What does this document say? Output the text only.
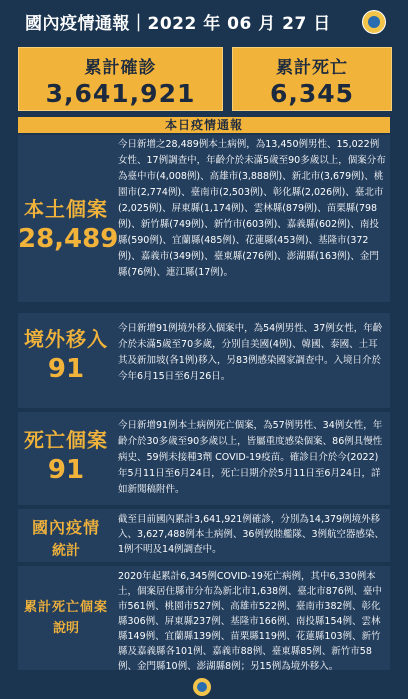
國內疫情通報｜2022 年 06 月 27 日
累計確診
3,641,921
累計死亡
6,345
本日疫情通報
本土個案
28,489
今日新增之28,489例本土病例，為13,450例男性、15,022例女性、17例調查中，年齡介於未滿5歲至90多歲以上，個案分布為臺中市(4,008例)、高雄市(3,888例)、新北市(3,679例)、桃園市(2,774例)、臺南市(2,503例)、彰化縣(2,026例)、臺北市(2,025例)、屏東縣(1,174例)、雲林縣(879例)、苗栗縣(798例)、新竹縣(749例)、新竹市(603例)、嘉義縣(602例)、南投縣(590例)、宜蘭縣(485例)、花蓮縣(453例)、基隆市(372例)、嘉義市(349例)、臺東縣(276例)、澎湖縣(163例)、金門縣(76例)、連江縣(17例)。
境外移入
91
今日新增91例境外移入個案中，為54例男性、37例女性，年齡介於未滿5歲至70多歲，分別自美國(4例)、韓國、泰國、土耳其及新加坡(各1例)移入，另83例感染國家調查中。入境日介於今年6月15日至6月26日。
死亡個案
91
今日新增91例本土病例死亡個案，為57例男性、34例女性，年齡介於30多歲至90多歲以上，皆屬重度感染個案、86例具慢性病史、59例未接種3劑 COVID-19疫苗。確診日介於今(2022)年5月11日至6月24日，死亡日期介於5月11日至6月24日，詳如新聞稿附件。
國內疫情
統計
截至目前國內累計3,641,921例確診，分別為14,379例境外移入、3,627,488例本土病例、36例敦睦艦隊、3例航空器感染、1例不明及14例調查中。
累計死亡個案
說明
2020年起累計6,345例COVID-19死亡病例，其中6,330例本土，個案居住縣市分布為新北市1,638例、臺北市876例、臺中市561例、桃園市527例、高雄市522例、臺南市382例、彰化縣306例、屏東縣237例、基隆市166例、南投縣154例、雲林縣149例、宜蘭縣139例、苗栗縣119例、花蓮縣103例、新竹縣及嘉義縣各101例、嘉義市88例、臺東縣85例、新竹市58例、金門縣10例、澎湖縣8例；另15例為境外移入。
